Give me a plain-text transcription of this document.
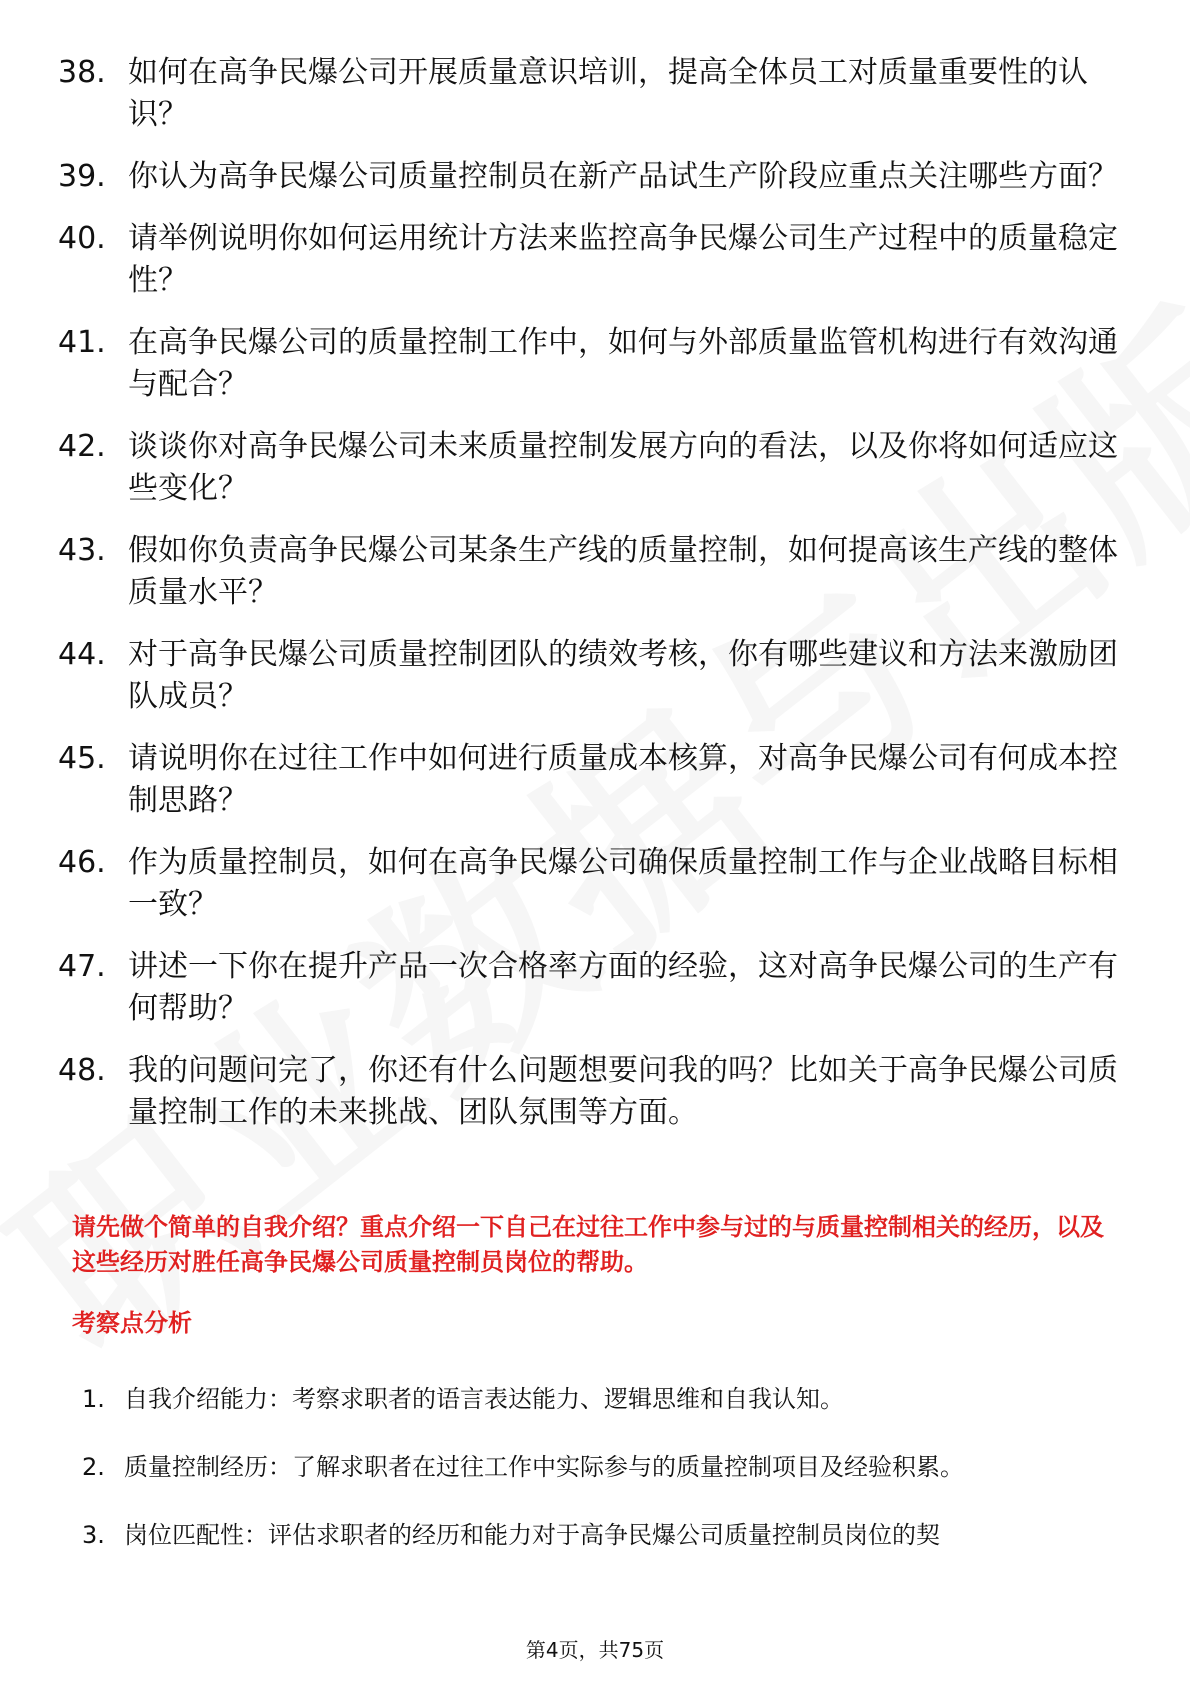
38. 如何在高争民爆公司开展质量意识培训，提高全体员工对质量重要性的认识？
39. 你认为高争民爆公司质量控制员在新产品试生产阶段应重点关注哪些方面？
40. 请举例说明你如何运用统计方法来监控高争民爆公司生产过程中的质量稳定性？
41. 在高争民爆公司的质量控制工作中，如何与外部质量监管机构进行有效沟通与配合？
42. 谈谈你对高争民爆公司未来质量控制发展方向的看法，以及你将如何适应这些变化？
43. 假如你负责高争民爆公司某条生产线的质量控制，如何提高该生产线的整体质量水平？
44. 对于高争民爆公司质量控制团队的绩效考核，你有哪些建议和方法来激励团队成员？
45. 请说明你在过往工作中如何进行质量成本核算，对高争民爆公司有何成本控制思路？
46. 作为质量控制员，如何在高争民爆公司确保质量控制工作与企业战略目标相一致？
47. 讲述一下你在提升产品一次合格率方面的经验，这对高争民爆公司的生产有何帮助？
48. 我的问题问完了，你还有什么问题想要问我的吗？比如关于高争民爆公司质量控制工作的未来挑战、团队氛围等方面。
请先做个简单的自我介绍？重点介绍一下自己在过往工作中参与过的与质量控制相关的经历，以及这些经历对胜任高争民爆公司质量控制员岗位的帮助。
考察点分析
1. 自我介绍能力：考察求职者的语言表达能力、逻辑思维和自我认知。
2. 质量控制经历：了解求职者在过往工作中实际参与的质量控制项目及经验积累。
3. 岗位匹配性：评估求职者的经历和能力对于高争民爆公司质量控制员岗位的契
第4页，共75页
